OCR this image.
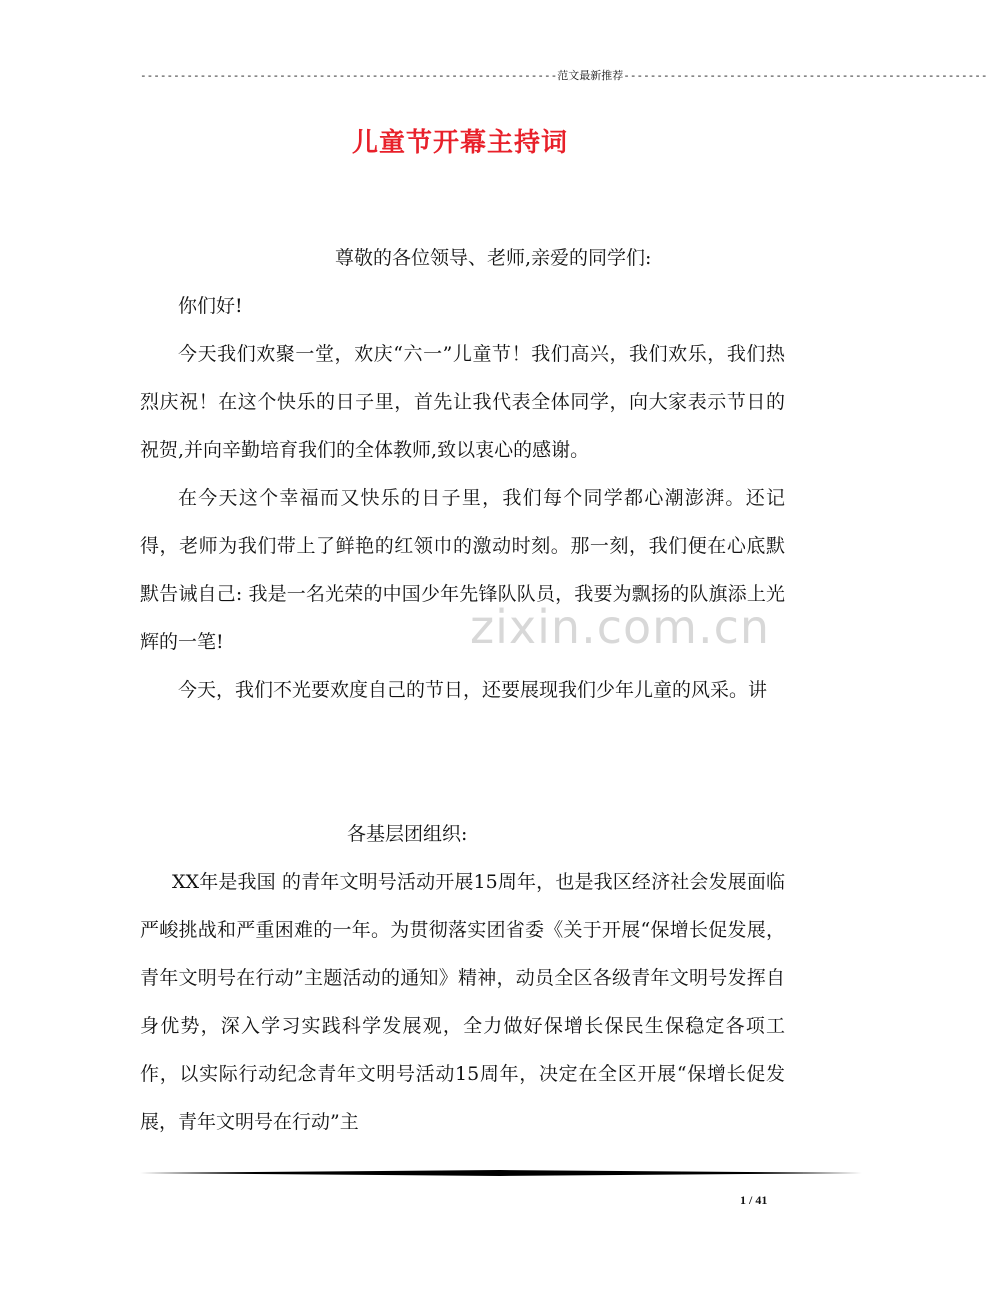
---------------------------------------------------------------范文最新推荐-------------------------------------------------------
儿童节开幕主持词
zixin.com.cn

尊敬的各位领导、老师,亲爱的同学们:

你们好!

今天我们欢聚一堂，欢庆“六一”儿童节！我们高兴，我们欢乐，我们热烈庆祝！在这个快乐的日子里，首先让我代表全体同学，向大家表示节日的祝贺,并向辛勤培育我们的全体教师,致以衷心的感谢。

在今天这个幸福而又快乐的日子里，我们每个同学都心潮澎湃。还记得，老师为我们带上了鲜艳的红领巾的激动时刻。那一刻，我们便在心底默默告诫自己: 我是一名光荣的中国少年先锋队队员，我要为飘扬的队旗添上光辉的一笔!

今天，我们不光要欢度自己的节日，还要展现我们少年儿童的风采。讲

各基层团组织:

XX年是我国 的青年文明号活动开展15周年，也是我区经济社会发展面临严峻挑战和严重困难的一年。为贯彻落实团省委《关于开展“保增长促发展，青年文明号在行动”主题活动的通知》精神，动员全区各级青年文明号发挥自身优势，深入学习实践科学发展观，全力做好保增长保民生保稳定各项工作，以实际行动纪念青年文明号活动15周年，决定在全区开展“保增长促发展，青年文明号在行动”主

1 / 41
